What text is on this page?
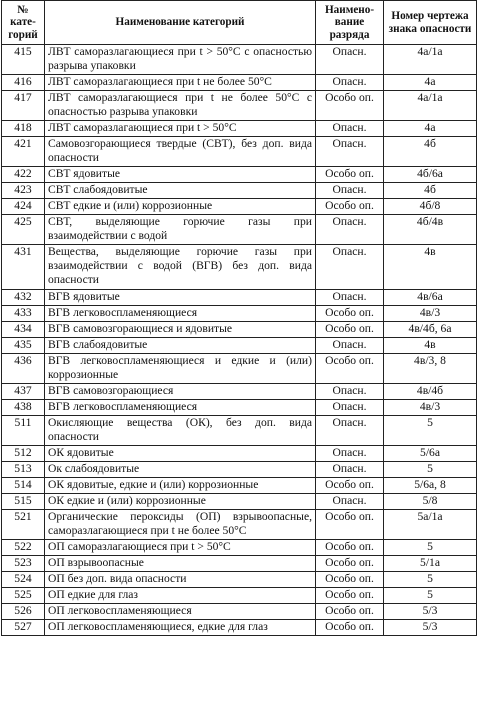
№ кате-горий	Наименование категорий	Наимено-вание разряда	Номер чертежа знака опасности
415	ЛВТ саморазлагающиеся при t > 50°C с опасностью разрыва упаковки	Опасн.	4а/1а
416	ЛВТ саморазлагающиеся при t не более 50°C	Опасн.	4а
417	ЛВТ саморазлагающиеся при t не более 50°C с опасностью разрыва упаковки	Особо оп.	4а/1а
418	ЛВТ саморазлагающиеся при t > 50°C	Опасн.	4а
421	Самовозгорающиеся твердые (СВТ), без доп. вида опасности	Опасн.	4б
422	СВТ ядовитые	Особо оп.	4б/6а
423	СВТ слабоядовитые	Опасн.	4б
424	СВТ едкие и (или) коррозионные	Особо оп.	4б/8
425	СВТ, выделяющие горючие газы при взаимодействии с водой	Опасн.	4б/4в
431	Вещества, выделяющие горючие газы при взаимодействии с водой (ВГВ) без доп. вида опасности	Опасн.	4в
432	ВГВ ядовитые	Опасн.	4в/6а
433	ВГВ легковоспламеняющиеся	Особо оп.	4в/3
434	ВГВ самовозгорающиеся и ядовитые	Особо оп.	4в/4б, 6а
435	ВГВ слабоядовитые	Опасн.	4в
436	ВГВ легковоспламеняющиеся и едкие и (или) коррозионные	Особо оп.	4в/3, 8
437	ВГВ самовозгорающиеся	Опасн.	4в/4б
438	ВГВ легковоспламеняющиеся	Опасн.	4в/3
511	Окисляющие вещества (ОК), без доп. вида опасности	Опасн.	5
512	ОК ядовитые	Опасн.	5/6а
513	Ок слабоядовитые	Опасн.	5
514	ОК ядовитые, едкие и (или) коррозионные	Особо оп.	5/6а, 8
515	ОК едкие и (или) коррозионные	Опасн.	5/8
521	Органические пероксиды (ОП) взрывоопасные, саморазлагающиеся при t не более 50°C	Особо оп.	5а/1а
522	ОП саморазлагающиеся при t > 50°C	Особо оп.	5
523	ОП взрывоопасные	Особо оп.	5/1а
524	ОП без доп. вида опасности	Особо оп.	5
525	ОП едкие для глаз	Особо оп.	5
526	ОП легковоспламеняющиеся	Особо оп.	5/3
527	ОП легковоспламеняющиеся, едкие для глаз	Особо оп.	5/3
